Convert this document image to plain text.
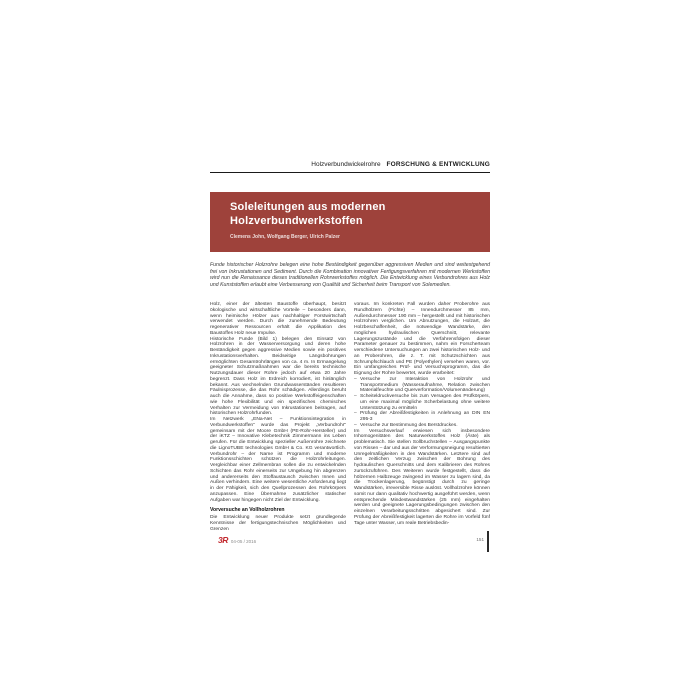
Holzverbundwickelrohre FORSCHUNG & ENTWICKLUNG
Soleleitungen aus modernen
Holzverbundwerkstoffen
Clemens John, Wolfgang Berger, Ulrich Palzer
Funde historischer Holzrohre belegen eine hohe Beständigkeit gegenüber aggressiven Medien und sind weitestgehend frei von Inkrustationen und Sediment. Durch die Kombination innovativer Fertigungsverfahren mit modernen Werkstoffen wird nun die Renaissance dieses traditionellen Rohrwerkstoffes möglich. Die Entwicklung eines Verbundrohres aus Holz und Kunststoffen erlaubt eine Verbesserung von Qualität und Sicherheit beim Transport von Solemedien.

Holz, einer der ältesten Baustoffe überhaupt, besitzt ökologische und wirtschaftliche Vorteile – besonders dann, wenn heimische Hölzer aus nachhaltiger Forstwirtschaft verwendet werden. Durch die zunehmende Bedeutung regenerativer Ressourcen erhält die Applikation des Baustoffes Holz neue Impulse.

Historische Funde (Bild 1) belegen den Einsatz von Holzrohren in der Wasserversorgung und deren hohe Beständigkeit gegen aggressive Medien sowie ein positives Inkrustationsverhalten. Beidseitige Längsbohrungen ermöglichten Gesamtrohrlängen von ca. 4 m. In Ermangelung geeigneter Schutzmaßnahmen war die bereits technische Nutzungsdauer dieser Rohre jedoch auf etwa 20 Jahre begrenzt. Dass Holz im Erdreich korrodiert, ist hinlänglich bekannt. Aus wechselnden Grundwasserständen resultieren Fäulnisprozesse, die das Rohr schädigen. Allerdings beruht auch die Annahme, dass so positive Werkstoffeigenschaften wie hohe Flexibilität und ein spezifisches chemisches Verhalten zur Vermeidung von Inkrustationen beitragen, auf historischen Holzrohrfunden.

Im Netzwerk „ENa-Net – Funktionsintegration in Verbundwerkstoffen“ wurde das Projekt „Verbundrohr“ gemeinsam mit der Moore GmbH (PE-Rohr-Hersteller) und der iKTZ – Innovative Klebetechnik Zimmermann ins Leben gerufen. Für die Entwicklung spezieller Außenrohre zeichnete die LignoTUBE technologies GmbH & Co. KG verantwortlich. Verbundrohr – der Name ist Programm und moderne Funktionsschichten schützen die Holzrohrleitungen. Vergleichbar einer Zellmembran sollen die zu entwickelnden Schichten das Rohr einerseits zur Umgebung hin abgrenzen und andererseits den Stoffaustausch zwischen Innen und Außen verhindern. Eine weitere wesentliche Anforderung liegt in der Fähigkeit, sich den Quellprozessen des Rohrkörpers anzupassen. Eine Übernahme zusätzlicher statischer Aufgaben war hingegen nicht Ziel der Entwicklung.

Vorversuche an Vollholzrohren

Die Entwicklung neuer Produkte setzt grundlegende Kenntnisse der fertigungstechnischen Möglichkeiten und Grenzen

voraus. Im konkreten Fall wurden daher Proberohre aus Rundhölzern (Fichte) – Innendurchmesser 85 mm, Außendurchmesser 190 mm – hergestellt und mit historischen Holzrohren verglichen. Um Abnutzungen, die Holzart, die Holzbeschaffenheit, die notwendige Wandstärke, den möglichen hydraulischen Querschnitt, relevante Lagerungszustände und die Verfahrensfolgen dieser Parameter genauer zu bestimmen, nahm ein Forscherteam verschiedene Untersuchungen an zwei historischen Holz- und an Proberohren, die z. T. mit Schutzschichten aus Schrumpfschlauch und PE (Polyethylen) versehen waren, vor. Ein umfangreiches Prüf- und Versuchsprogramm, das die Eignung der Rohre bewertet, wurde erarbeitet:

– Versuche zur Interaktion von Holzrohr und Transportmedium (Wasseraufnahme, Relation zwischen Materialfeuchte und Querverformation/Volumenänderung)
– Scheiteldruckversuche bis zum Versagen des Prüfkörpers, um eine maximal mögliche Scherbelastung ohne weitere Unterstützung zu ermitteln
– Prüfung der Abreißfestigkeiten in Anlehnung an DIN EN 295-3
– Versuche zur Bestimmung des Berstdruckes.

Im Versuchsverlauf erwiesen sich insbesondere Inhomogenitäten des Naturwerkstoffes Holz (Äste) als problematisch. Sie stellen Sollbruchstellen – Ausgangspunkte von Rissen – dar und aus der Verformungsneigung resultierten Unregelmäßigkeiten in den Wandstärken. Letztere sind auf den zeitlichen Verzug zwischen der Bohrung des hydraulischen Querschnitts und dem Kalibrieren des Rohres zurückzuführen. Des Weiteren wurde festgestellt, dass die hölzernen Halbzeuge zwingend im Wasser zu lagern sind, da die Trockenlagerung, begünstigt durch zu geringe Wandstärken, irreversible Risse auslöst. Vollholzrohre können somit nur dann qualitativ hochwertig ausgeführt werden, wenn entsprechende Mindestwandstärken (25 mm) eingehalten werden und geeignete Lagerungsbedingungen zwischen den einzelnen Verarbeitungsschritten abgesichert sind. Zur Prüfung der Abreißfestigkeit lagerten die Rohre im Vorfeld fünf Tage unter Wasser, um reale Betriebsbedin-

3R 04-05 / 2016	151
